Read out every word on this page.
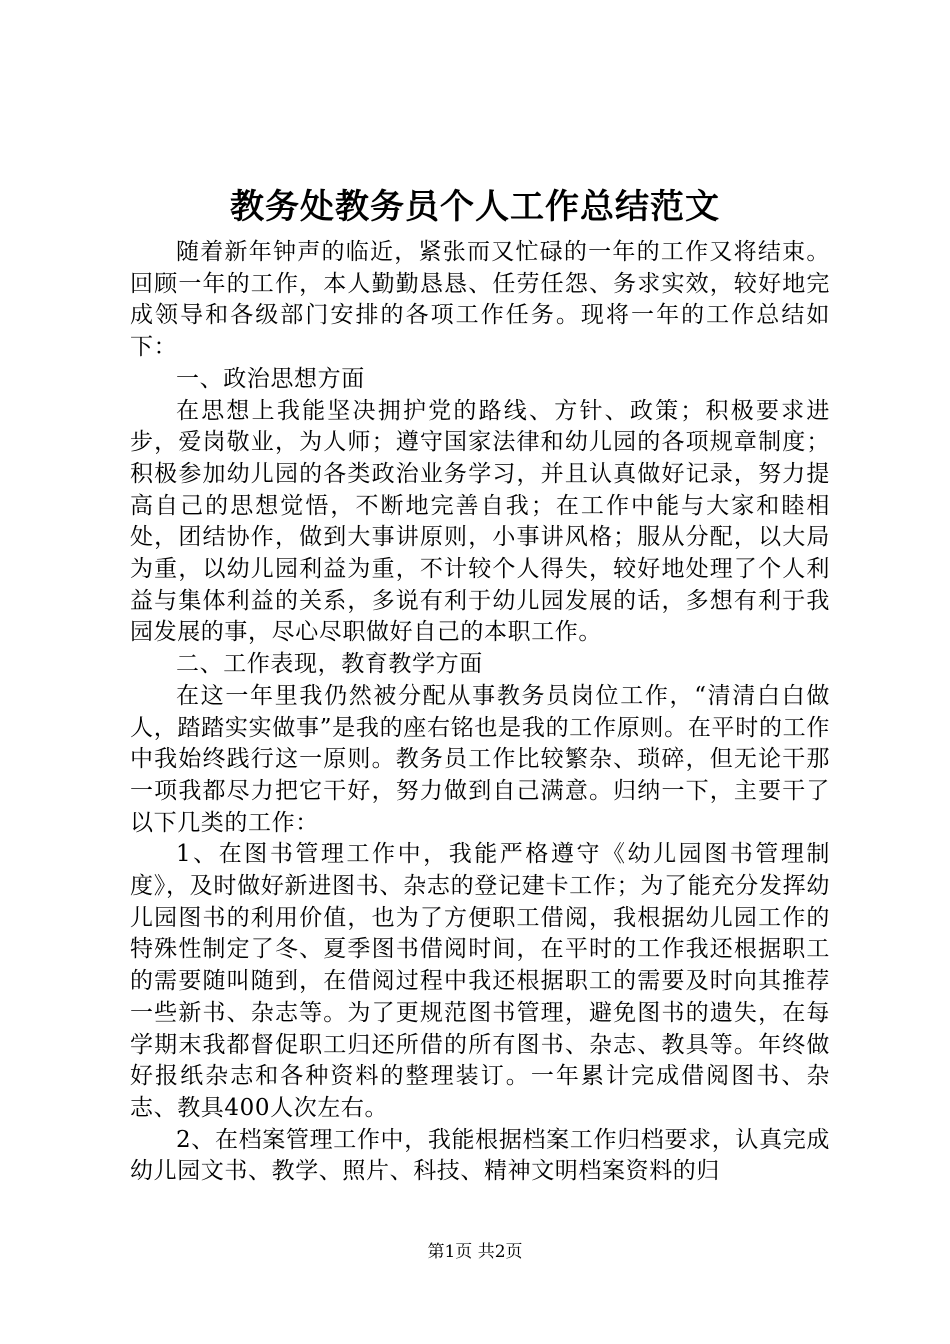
教务处教务员个人工作总结范文

随着新年钟声的临近，紧张而又忙碌的一年的工作又将结束。回顾一年的工作，本人勤勤恳恳、任劳任怨、务求实效，较好地完成领导和各级部门安排的各项工作任务。现将一年的工作总结如下：

一、政治思想方面

在思想上我能坚决拥护党的路线、方针、政策；积极要求进步，爱岗敬业，为人师；遵守国家法律和幼儿园的各项规章制度；积极参加幼儿园的各类政治业务学习，并且认真做好记录，努力提高自己的思想觉悟，不断地完善自我；在工作中能与大家和睦相处，团结协作，做到大事讲原则，小事讲风格；服从分配，以大局为重，以幼儿园利益为重，不计较个人得失，较好地处理了个人利益与集体利益的关系，多说有利于幼儿园发展的话，多想有利于我园发展的事，尽心尽职做好自己的本职工作。

二、工作表现，教育教学方面

在这一年里我仍然被分配从事教务员岗位工作，“清清白白做人，踏踏实实做事”是我的座右铭也是我的工作原则。在平时的工作中我始终践行这一原则。教务员工作比较繁杂、琐碎，但无论干那一项我都尽力把它干好，努力做到自己满意。归纳一下，主要干了以下几类的工作：

1、在图书管理工作中，我能严格遵守《幼儿园图书管理制度》，及时做好新进图书、杂志的登记建卡工作；为了能充分发挥幼儿园图书的利用价值，也为了方便职工借阅，我根据幼儿园工作的特殊性制定了冬、夏季图书借阅时间，在平时的工作我还根据职工的需要随叫随到，在借阅过程中我还根据职工的需要及时向其推荐一些新书、杂志等。为了更规范图书管理，避免图书的遗失，在每学期末我都督促职工归还所借的所有图书、杂志、教具等。年终做好报纸杂志和各种资料的整理装订。一年累计完成借阅图书、杂志、教具400人次左右。

2、在档案管理工作中，我能根据档案工作归档要求，认真完成幼儿园文书、教学、照片、科技、精神文明档案资料的归

第1页 共2页
